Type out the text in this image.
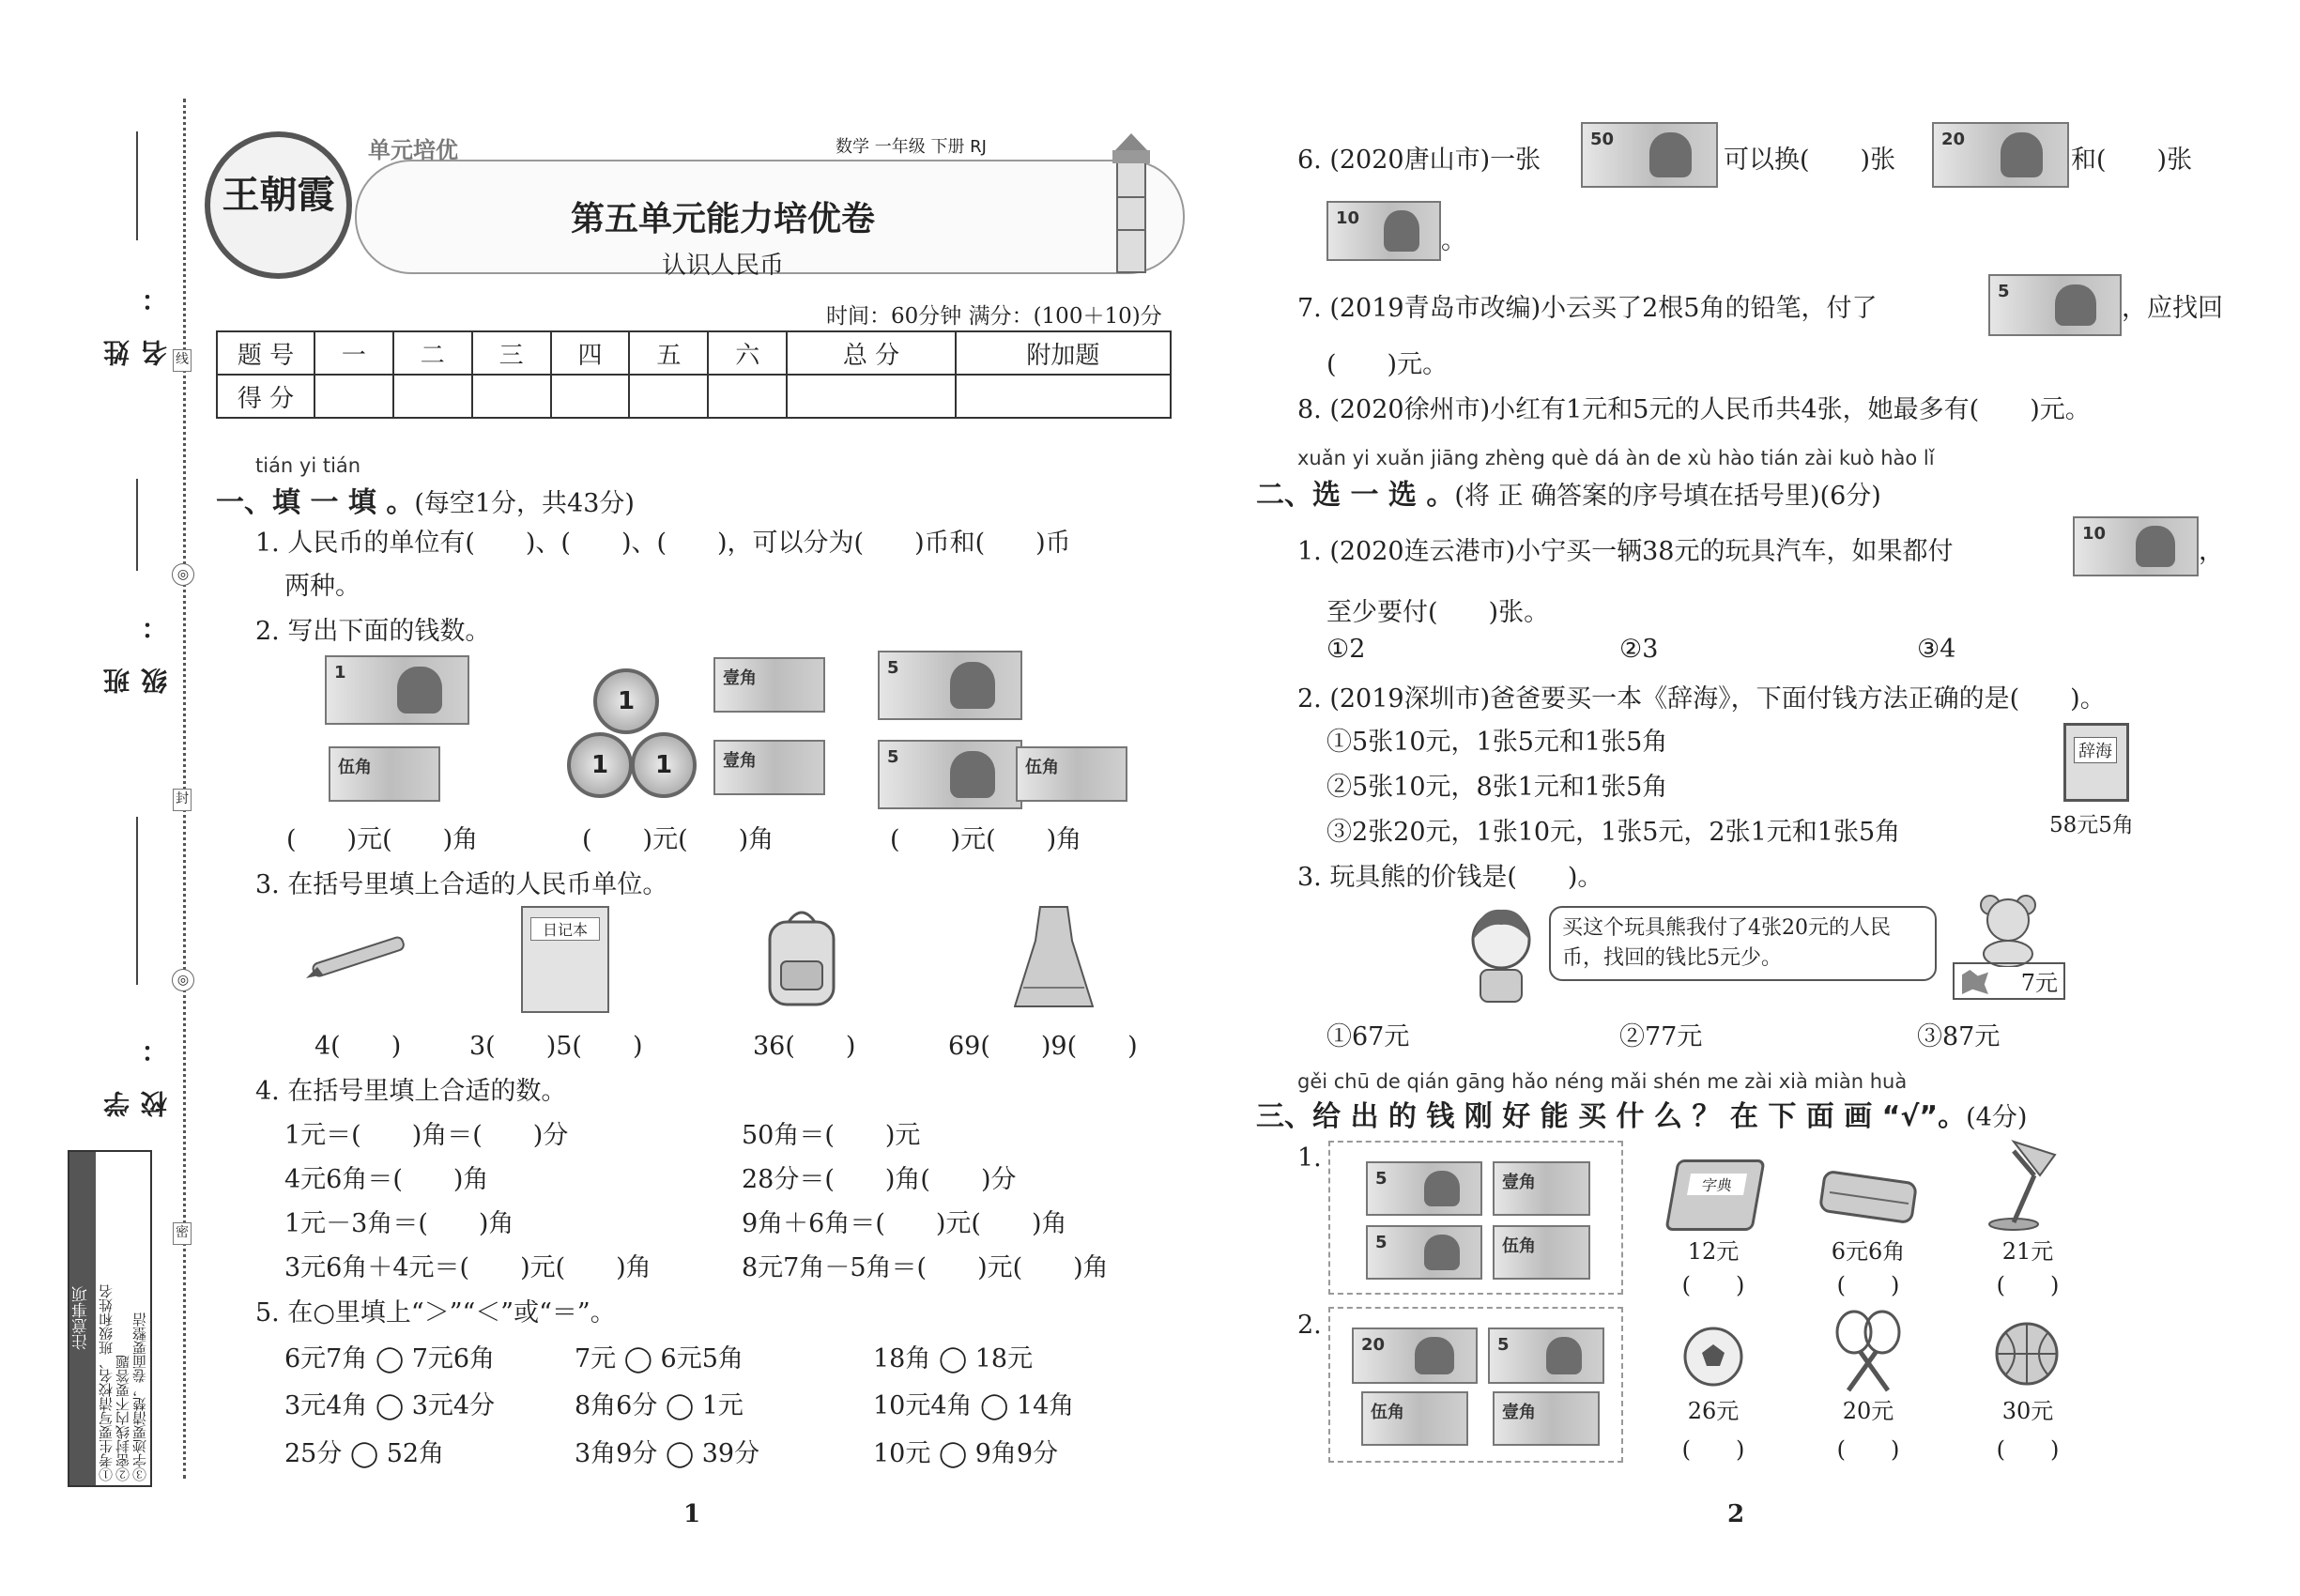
姓名：
班级：
学校：
线
◎
封
◎
密
注意事项 ①考生要写清校名、班级和姓名 ②密封线内不要答题 ③字迹要清楚，卷面要整洁
王朝霞
单元培优	数学 一年级 下册 RJ
第五单元能力培优卷
认识人民币
时间：60分钟 满分：(100＋10)分
题 号	一	二	三	四	五	六	总 分	附加题
得 分								
tián yi tián
一、填 一 填 。(每空1分，共43分)
1. 人民币的单位有(　　)、(　　)、(　　)，可以分为(　　)币和(　　)币
两种。
2. 写出下面的钱数。
1
伍角
1
1	1
壹角
壹角
5
5
伍角
(　　)元(　　)角	(　　)元(　　)角	(　　)元(　　)角
3. 在括号里填上合适的人民币单位。
日记本
4(　　)	3(　　)5(　　)	36(　　)	69(　　)9(　　)
4. 在括号里填上合适的数。
1元＝(　　)角＝(　　)分	50角＝(　　)元
4元6角＝(　　)角	28分＝(　　)角(　　)分
1元－3角＝(　　)角	9角＋6角＝(　　)元(　　)角
3元6角＋4元＝(　　)元(　　)角	8元7角－5角＝(　　)元(　　)角
5. 在○里填上“＞”“＜”或“＝”。
6元7角 ◯ 7元6角	7元 ◯ 6元5角	18角 ◯ 18元
3元4角 ◯ 3元4分	8角6分 ◯ 1元	10元4角 ◯ 14角
25分 ◯ 52角	3角9分 ◯ 39分	10元 ◯ 9角9分
1
6. (2020唐山市)一张
50
可以换(　　)张
20
和(　　)张
10
。
7. (2019青岛市改编)小云买了2根5角的铅笔，付了
5
，应找回
(　　)元。
8. (2020徐州市)小红有1元和5元的人民币共4张，她最多有(　　)元。
xuǎn yi xuǎn jiāng zhèng què dá àn de xù hào tián zài kuò hào lǐ
二、选 一 选 。(将 正 确答案的序号填在括号里)(6分)
1. (2020连云港市)小宁买一辆38元的玩具汽车，如果都付
10
，
至少要付(　　)张。
①2	②3	③4
2. (2019深圳市)爸爸要买一本《辞海》，下面付钱方法正确的是(　　)。
①5张10元，1张5元和1张5角
②5张10元，8张1元和1张5角
③2张20元，1张10元，1张5元，2张1元和1张5角
辞海
58元5角
3. 玩具熊的价钱是(　　)。
买这个玩具熊我付了4张20元的人民币，找回的钱比5元少。
7元
①67元	②77元	③87元
gěi chū de qián gāng hǎo néng mǎi shén me zài xià miàn huà
三、给 出 的 钱 刚 好 能 买 什 么 ？ 在 下 面 画 “√”。(4分)
1.
5	壹角
5	伍角
字典
12元	6元6角	21元
(　　)	(　　)	(　　)
2.
20	5
伍角	壹角	26元	20元	30元
(　　)	(　　)	(　　)
2
